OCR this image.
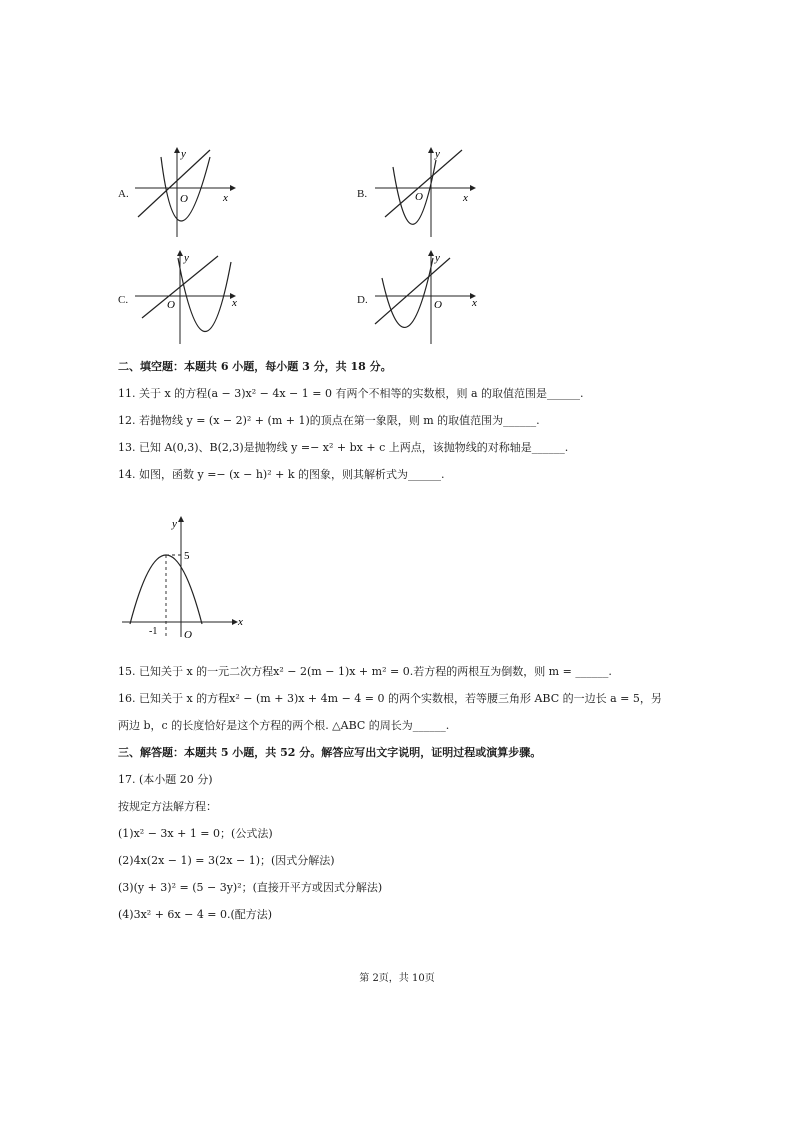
A.
y
O	x	B.
y
O	x
C.
y
O	x	D.
y
O	x
二、填空题：本题共 6 小题，每小题 3 分，共 18 分。
11. 关于 x 的方程(a − 3)x² − 4x − 1 = 0 有两个不相等的实数根，则 a 的取值范围是______.
12. 若抛物线 y = (x − 2)² + (m + 1)的顶点在第一象限，则 m 的取值范围为______.
13. 已知 A(0,3)、B(2,3)是抛物线 y =− x² + bx + c 上两点，该抛物线的对称轴是______.
14. 如图，函数 y =− (x − h)² + k 的图象，则其解析式为______.
y
5
x
-1 O
15. 已知关于 x 的一元二次方程x² − 2(m − 1)x + m² = 0.若方程的两根互为倒数，则 m = ______.
16. 已知关于 x 的方程x² − (m + 3)x + 4m − 4 = 0 的两个实数根，若等腰三角形 ABC 的一边长 a = 5，另
两边 b，c 的长度恰好是这个方程的两个根. △ABC 的周长为______.
三、解答题：本题共 5 小题，共 52 分。解答应写出文字说明，证明过程或演算步骤。
17. (本小题 20 分)
按规定方法解方程：
(1)x² − 3x + 1 = 0；(公式法)
(2)4x(2x − 1) = 3(2x − 1)；(因式分解法)
(3)(y + 3)² = (5 − 3y)²；(直接开平方或因式分解法)
(4)3x² + 6x − 4 = 0.(配方法)
第 2页，共 10页
